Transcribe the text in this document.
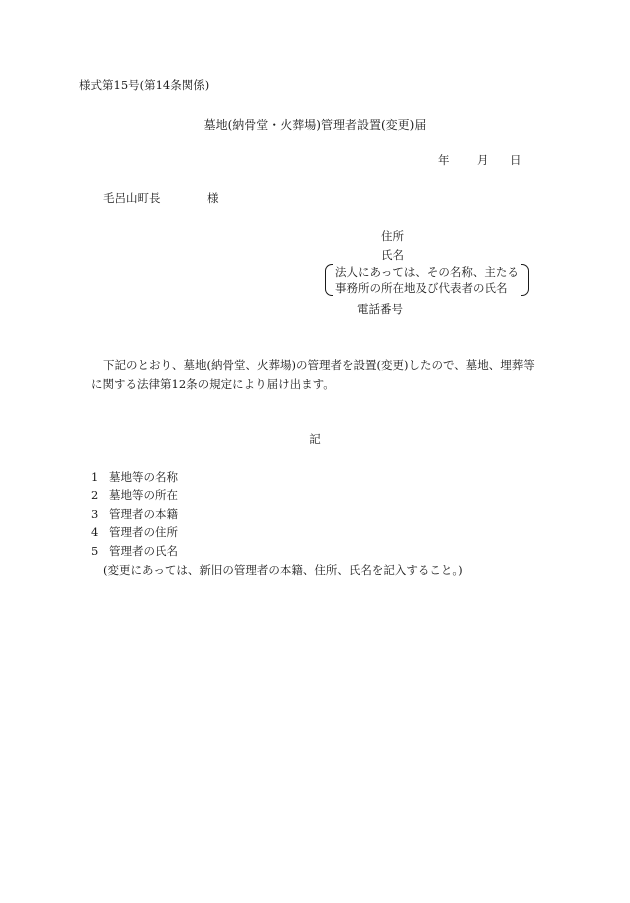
様式第15号(第14条関係)
墓地(納骨堂・火葬場)管理者設置(変更)届
年 月 日
毛呂山町長	様
住所
氏名
法人にあっては、その名称、主たる
事務所の所在地及び代表者の氏名
電話番号
下記のとおり、墓地(納骨堂、火葬場)の管理者を設置(変更)したので、墓地、埋葬等
に関する法律第12条の規定により届け出ます。
記
1 墓地等の名称
2 墓地等の所在
3 管理者の本籍
4 管理者の住所
5 管理者の氏名
(変更にあっては、新旧の管理者の本籍、住所、氏名を記入すること。)
